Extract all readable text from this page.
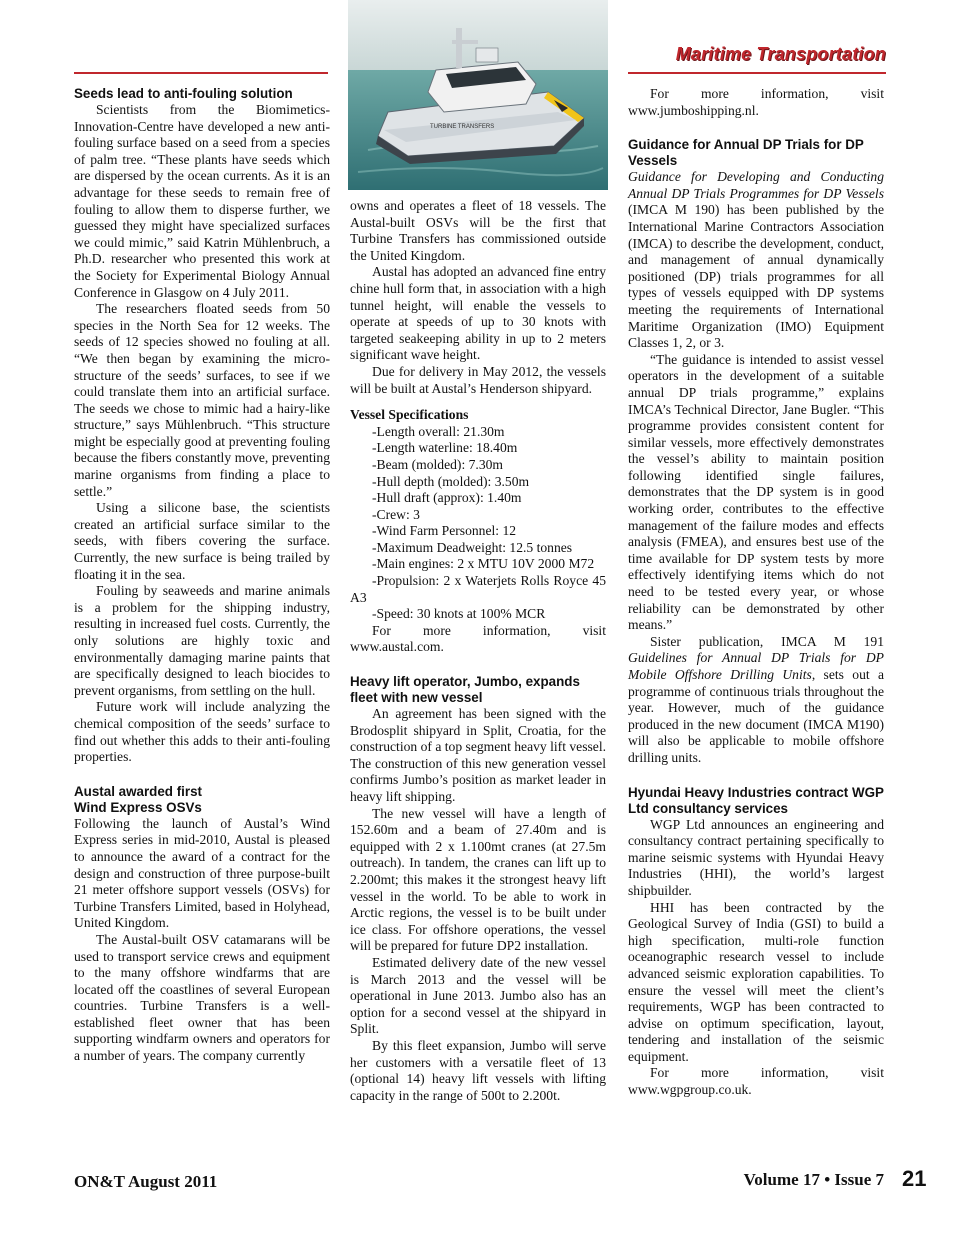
Maritime Transportation
TURBINE TRANSFERS
Seeds lead to anti-fouling solution

Scientists from the Biomimetics-Innovation-Centre have developed a new anti-fouling surface based on a seed from a species of palm tree. “These plants have seeds which are dispersed by the ocean currents. As it is an advantage for these seeds to remain free of fouling to allow them to disperse further, we guessed they might have specialized surfaces we could mimic,” said Katrin Mühlenbruch, a Ph.D. researcher who presented this work at the Society for Experimental Biology Annual Conference in Glasgow on 4 July 2011.

The researchers floated seeds from 50 species in the North Sea for 12 weeks. The seeds of 12 species showed no fouling at all. “We then began by examining the micro-structure of the seeds’ surfaces, to see if we could translate them into an artificial surface. The seeds we chose to mimic had a hairy-like structure,” says Mühlenbruch. “This structure might be especially good at preventing fouling because the fibers constantly move, preventing marine organisms from finding a place to settle.”

Using a silicone base, the scientists created an artificial surface similar to the seeds, with fibers covering the surface. Currently, the new surface is being trailed by floating it in the sea.

Fouling by seaweeds and marine animals is a problem for the shipping industry, resulting in increased fuel costs. Currently, the only solutions are highly toxic and environmentally damaging marine paints that are specifically designed to leach biocides to prevent organisms, from settling on the hull.

Future work will include analyzing the chemical composition of the seeds’ surface to find out whether this adds to their anti-fouling properties.

Austal awarded first
Wind Express OSVs

Following the launch of Austal’s Wind Express series in mid-2010, Austal is pleased to announce the award of a contract for the design and construction of three purpose-built 21 meter offshore support vessels (OSVs) for Turbine Transfers Limited, based in Holyhead, United Kingdom.

The Austal-built OSV catamarans will be used to transport service crews and equipment to the many offshore windfarms that are located off the coastlines of several European countries. Turbine Transfers is a well-established fleet owner that has been supporting windfarm owners and operators for a number of years. The company currently

owns and operates a fleet of 18 vessels. The Austal-built OSVs will be the first that Turbine Transfers has commissioned outside the United Kingdom.

Austal has adopted an advanced fine entry chine hull form that, in association with a high tunnel height, will enable the vessels to operate at speeds of up to 30 knots with targeted seakeeping ability in up to 2 meters significant wave height.

Due for delivery in May 2012, the vessels will be built at Austal’s Henderson shipyard.

Vessel Specifications

-Length overall: 21.30m

-Length waterline: 18.40m

-Beam (molded): 7.30m

-Hull depth (molded): 3.50m

-Hull draft (approx): 1.40m

-Crew: 3

-Wind Farm Personnel: 12

-Maximum Deadweight: 12.5 tonnes

-Main engines: 2 x MTU 10V 2000 M72

-Propulsion: 2 x Waterjets Rolls Royce 45 A3

-Speed: 30 knots at 100% MCR

For more information, visit www.austal.com.

Heavy lift operator, Jumbo, expands fleet with new vessel

An agreement has been signed with the Brodosplit shipyard in Split, Croatia, for the construction of a top segment heavy lift vessel. The construction of this new generation vessel confirms Jumbo’s position as market leader in heavy lift shipping.

The new vessel will have a length of 152.60m and a beam of 27.40m and is equipped with 2 x 1.100mt cranes (at 27.5m outreach). In tandem, the cranes can lift up to 2.200mt; this makes it the strongest heavy lift vessel in the world. To be able to work in Arctic regions, the vessel is to be built under ice class. For offshore operations, the vessel will be prepared for future DP2 installation.

Estimated delivery date of the new vessel is March 2013 and the vessel will be operational in June 2013. Jumbo also has an option for a second vessel at the shipyard in Split.

By this fleet expansion, Jumbo will serve her customers with a versatile fleet of 13 (optional 14) heavy lift vessels with lifting capacity in the range of 500t to 2.200t.

For more information, visit www.jumboshipping.nl.

Guidance for Annual DP Trials for DP Vessels

Guidance for Developing and Conducting Annual DP Trials Programmes for DP Vessels (IMCA M 190) has been published by the International Marine Contractors Association (IMCA) to describe the development, conduct, and management of annual dynamically positioned (DP) trials programmes for all types of vessels equipped with DP systems meeting the requirements of International Maritime Organization (IMO) Equipment Classes 1, 2, or 3.

“The guidance is intended to assist vessel operators in the development of a suitable annual DP trials programme,” explains IMCA’s Technical Director, Jane Bugler. “This programme provides consistent content for similar vessels, more effectively demonstrates the vessel’s ability to maintain position following identified single failures, demonstrates that the DP system is in good working order, contributes to the effective management of the failure modes and effects analysis (FMEA), and ensures best use of the time available for DP system tests by more effectively identifying items which do not need to be tested every year, or whose reliability can be demonstrated by other means.”

Sister publication, IMCA M 191 Guidelines for Annual DP Trials for DP Mobile Offshore Drilling Units, sets out a programme of continuous trials throughout the year. However, much of the guidance produced in the new document (IMCA M190) will also be applicable to mobile offshore drilling units.

Hyundai Heavy Industries contract WGP Ltd consultancy services

WGP Ltd announces an engineering and consultancy contract pertaining specifically to marine seismic systems with Hyundai Heavy Industries (HHI), the world’s largest shipbuilder.

HHI has been contracted by the Geological Survey of India (GSI) to build a high specification, multi-role function oceanographic research vessel to include advanced seismic exploration capabilities. To ensure the vessel will meet the client’s requirements, WGP has been contracted to advise on optimum specification, layout, tendering and installation of the seismic equipment.

For more information, visit www.wgpgroup.co.uk.

ON&T August 2011	Volume 17 • Issue 7 21
